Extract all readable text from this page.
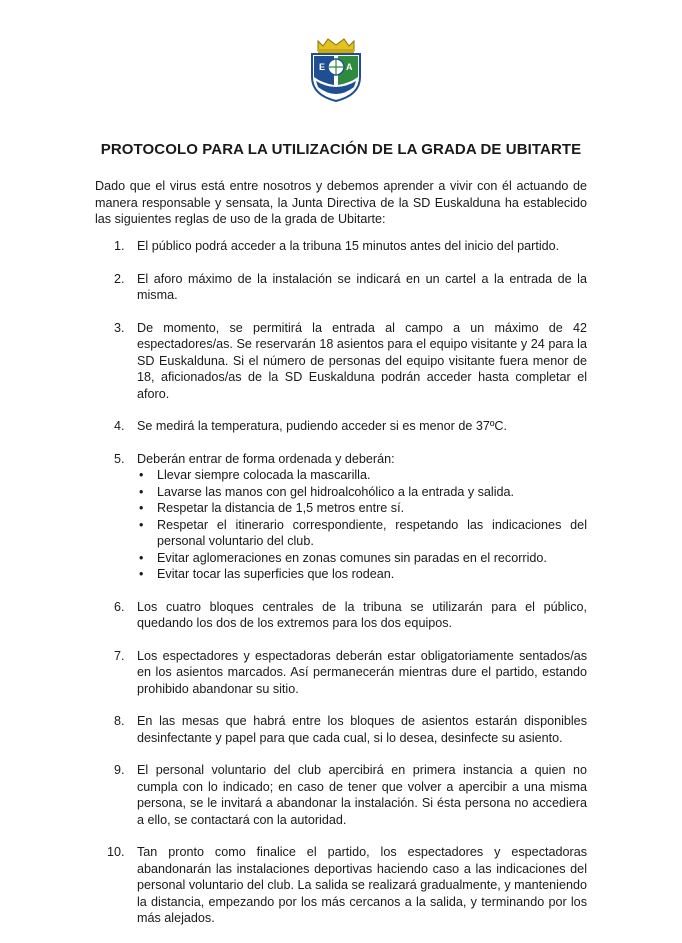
E A
PROTOCOLO PARA LA UTILIZACIÓN DE LA GRADA DE UBITARTE

Dado que el virus está entre nosotros y debemos aprender a vivir con él actuando de manera responsable y sensata, la Junta Directiva de la SD Euskalduna ha establecido las siguientes reglas de uso de la grada de Ubitarte:

1. El público podrá acceder a la tribuna 15 minutos antes del inicio del partido.
2. El aforo máximo de la instalación se indicará en un cartel a la entrada de la misma.
3. De momento, se permitirá la entrada al campo a un máximo de 42 espectadores/as. Se reservarán 18 asientos para el equipo visitante y 24 para la SD Euskalduna. Si el número de personas del equipo visitante fuera menor de 18, aficionados/as de la SD Euskalduna podrán acceder hasta completar el aforo.
4. Se medirá la temperatura, pudiendo acceder si es menor de 37ºC.
5. Deberán entrar de forma ordenada y deberán:
• Llevar siempre colocada la mascarilla.
• Lavarse las manos con gel hidroalcohólico a la entrada y salida.
• Respetar la distancia de 1,5 metros entre sí.
• Respetar el itinerario correspondiente, respetando las indicaciones del personal voluntario del club.
• Evitar aglomeraciones en zonas comunes sin paradas en el recorrido.
• Evitar tocar las superficies que los rodean.
6. Los cuatro bloques centrales de la tribuna se utilizarán para el público, quedando los dos de los extremos para los dos equipos.
7. Los espectadores y espectadoras deberán estar obligatoriamente sentados/as en los asientos marcados. Así permanecerán mientras dure el partido, estando prohibido abandonar su sitio.
8. En las mesas que habrá entre los bloques de asientos estarán disponibles desinfectante y papel para que cada cual, si lo desea, desinfecte su asiento.
9. El personal voluntario del club apercibirá en primera instancia a quien no cumpla con lo indicado; en caso de tener que volver a apercibir a una misma persona, se le invitará a abandonar la instalación. Si ésta persona no accediera a ello, se contactará con la autoridad.
10. Tan pronto como finalice el partido, los espectadores y espectadoras abandonarán las instalaciones deportivas haciendo caso a las indicaciones del personal voluntario del club. La salida se realizará gradualmente, y manteniendo la distancia, empezando por los más cercanos a la salida, y terminando por los más alejados.
